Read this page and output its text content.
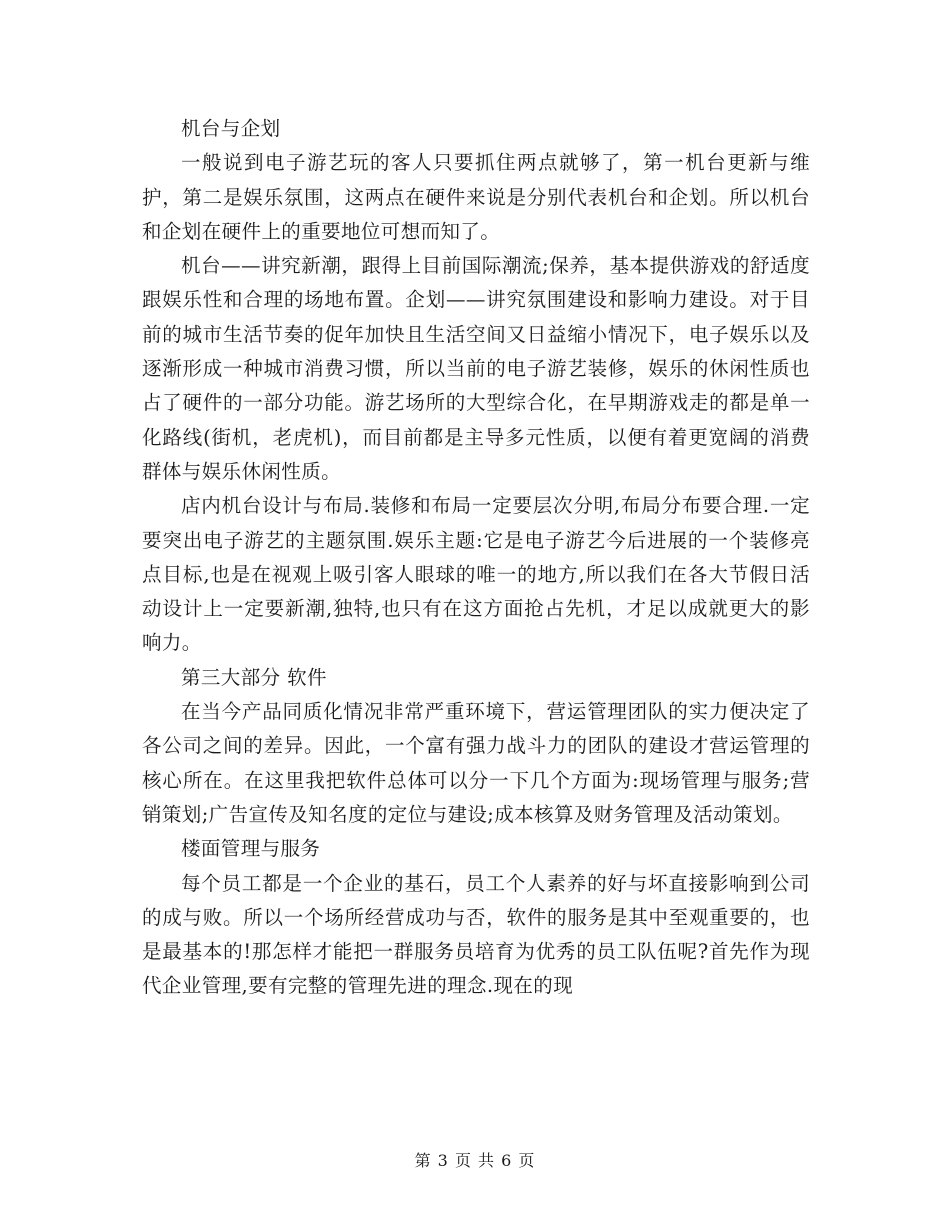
机台与企划

一般说到电子游艺玩的客人只要抓住两点就够了，第一机台更新与维护，第二是娱乐氛围，这两点在硬件来说是分别代表机台和企划。所以机台和企划在硬件上的重要地位可想而知了。

机台——讲究新潮，跟得上目前国际潮流;保养，基本提供游戏的舒适度跟娱乐性和合理的场地布置。企划——讲究氛围建设和影响力建设。对于目前的城市生活节奏的促年加快且生活空间又日益缩小情况下，电子娱乐以及逐渐形成一种城市消费习惯，所以当前的电子游艺装修，娱乐的休闲性质也占了硬件的一部分功能。游艺场所的大型综合化，在早期游戏走的都是单一化路线(街机，老虎机)，而目前都是主导多元性质，以便有着更宽阔的消费群体与娱乐休闲性质。

店内机台设计与布局.装修和布局一定要层次分明,布局分布要合理.一定要突出电子游艺的主题氛围.娱乐主题:它是电子游艺今后进展的一个装修亮点目标,也是在视观上吸引客人眼球的唯一的地方,所以我们在各大节假日活动设计上一定要新潮,独特,也只有在这方面抢占先机，才足以成就更大的影响力。

第三大部分 软件

在当今产品同质化情况非常严重环境下，营运管理团队的实力便决定了各公司之间的差异。因此，一个富有强力战斗力的团队的建设才营运管理的核心所在。在这里我把软件总体可以分一下几个方面为:现场管理与服务;营销策划;广告宣传及知名度的定位与建设;成本核算及财务管理及活动策划。

楼面管理与服务

每个员工都是一个企业的基石，员工个人素养的好与坏直接影响到公司的成与败。所以一个场所经营成功与否，软件的服务是其中至观重要的，也是最基本的!那怎样才能把一群服务员培育为优秀的员工队伍呢?首先作为现代企业管理,要有完整的管理先进的理念.现在的现

第 3 页 共 6 页
